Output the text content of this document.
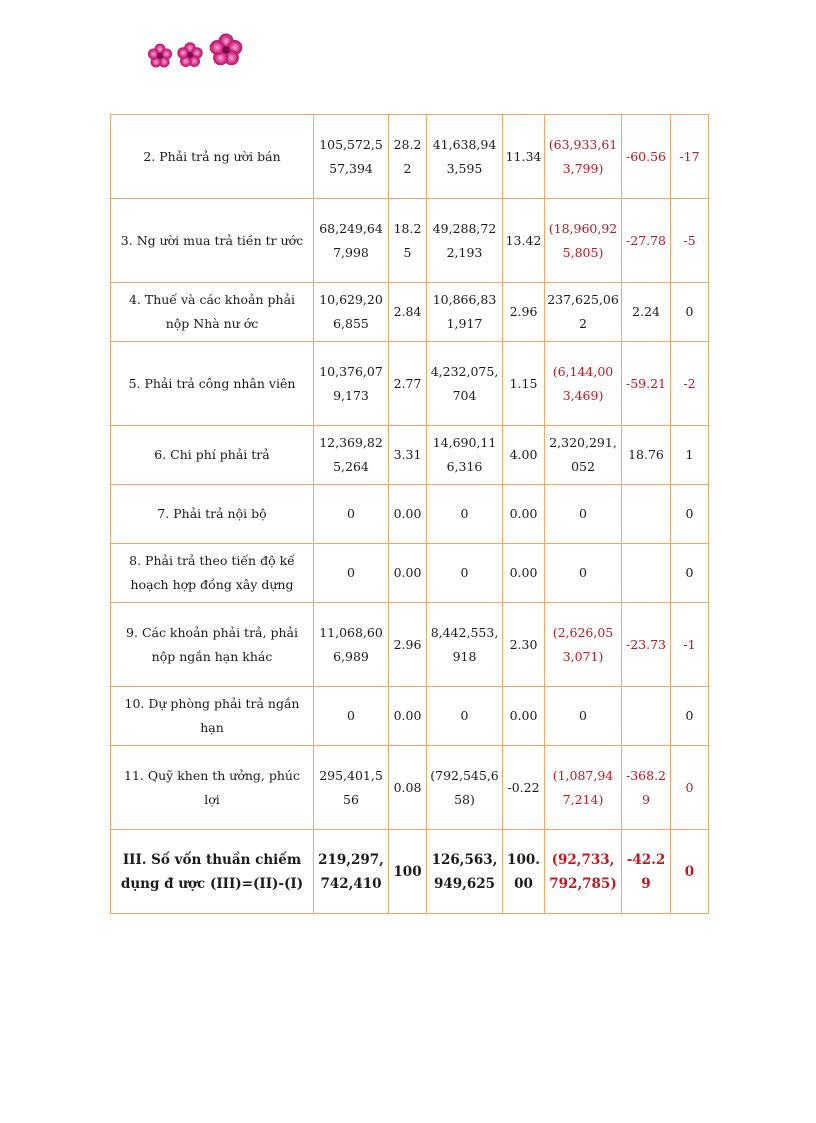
2. Phải trả ng ười bán	105,572,557,394	28.22	41,638,943,595	11.34	(63,933,613,799)	-60.56	-17
3. Ng ười mua trả tiền tr ước	68,249,647,998	18.25	49,288,722,193	13.42	(18,960,925,805)	-27.78	-5
4. Thuế và các khoản phải nộp Nhà nư ớc	10,629,206,855	2.84	10,866,831,917	2.96	237,625,062	2.24	0
5. Phải trả công nhân viên	10,376,079,173	2.77	4,232,075,704	1.15	(6,144,003,469)	-59.21	-2
6. Chi phí phải trả	12,369,825,264	3.31	14,690,116,316	4.00	2,320,291,052	18.76	1
7. Phải trả nội bộ	0	0.00	0	0.00	0		0
8. Phải trả theo tiến độ kế hoạch hợp đồng xây dựng	0	0.00	0	0.00	0		0
9. Các khoản phải trả, phải nộp ngắn hạn khác	11,068,606,989	2.96	8,442,553,918	2.30	(2,626,053,071)	-23.73	-1
10. Dự phòng phải trả ngắn hạn	0	0.00	0	0.00	0		0
11. Quỹ khen th ưởng, phúc lợi	295,401,556	0.08	(792,545,658)	-0.22	(1,087,947,214)	-368.29	0
III. Số vốn thuần chiếm dụng đ ược (III)=(II)-(I)	219,297,742,410	100	126,563,949,625	100.00	(92,733,792,785)	-42.29	0
